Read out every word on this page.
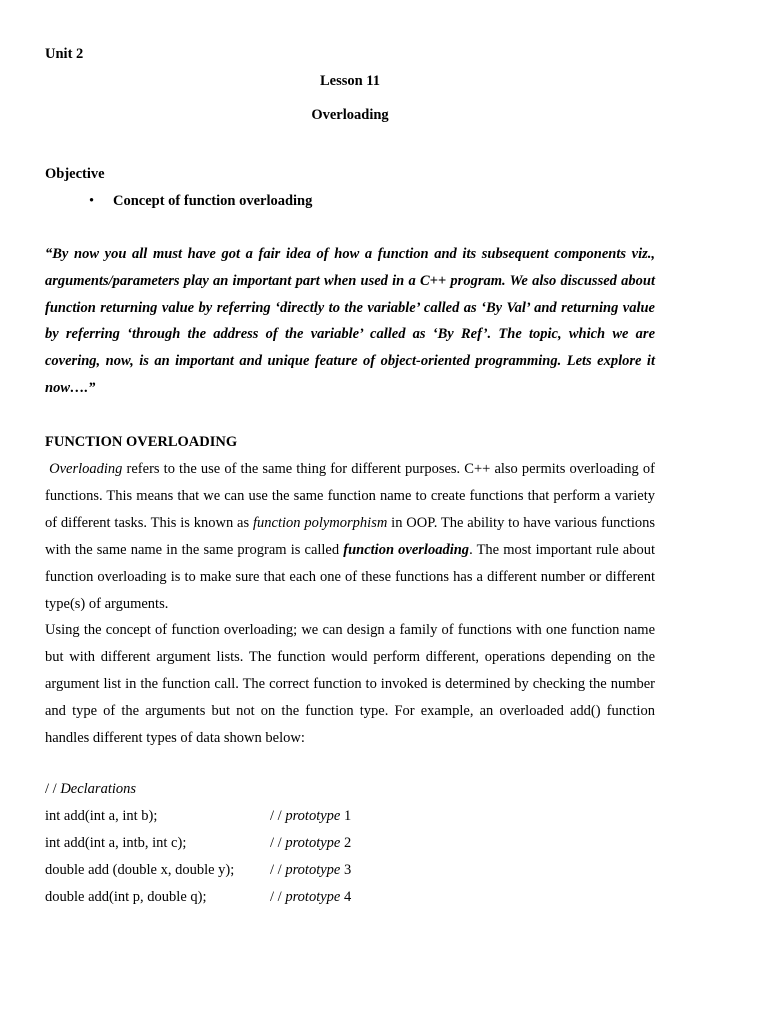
Unit 2
Lesson 11
Overloading
Objective
• Concept of function overloading
“By now you all must have got a fair idea of how a function and its subsequent components viz., arguments/parameters play an important part when used in a C++ program. We also discussed about function returning value by referring ‘directly to the variable’ called as ‘By Val’ and returning value by referring ‘through the address of the variable’ called as ‘By Ref’. The topic, which we are covering, now, is an important and unique feature of object-oriented programming. Lets explore it now….”
FUNCTION OVERLOADING
Overloading refers to the use of the same thing for different purposes. C++ also permits overloading of functions. This means that we can use the same function name to create functions that perform a variety of different tasks. This is known as function polymorphism in OOP. The ability to have various functions with the same name in the same program is called function overloading. The most important rule about function overloading is to make sure that each one of these functions has a different number or different type(s) of arguments.
Using the concept of function overloading; we can design a family of functions with one function name but with different argument lists. The function would perform different, operations depending on the argument list in the function call. The correct function to invoked is determined by checking the number and type of the arguments but not on the function type. For example, an overloaded add() function handles different types of data shown below:
/ / Declarations
int add(int a, int b);	/ / prototype 1
int add(int a, intb, int c);	/ / prototype 2
double add (double x, double y); / / prototype 3
double add(int p, double q);	/ / prototype 4
